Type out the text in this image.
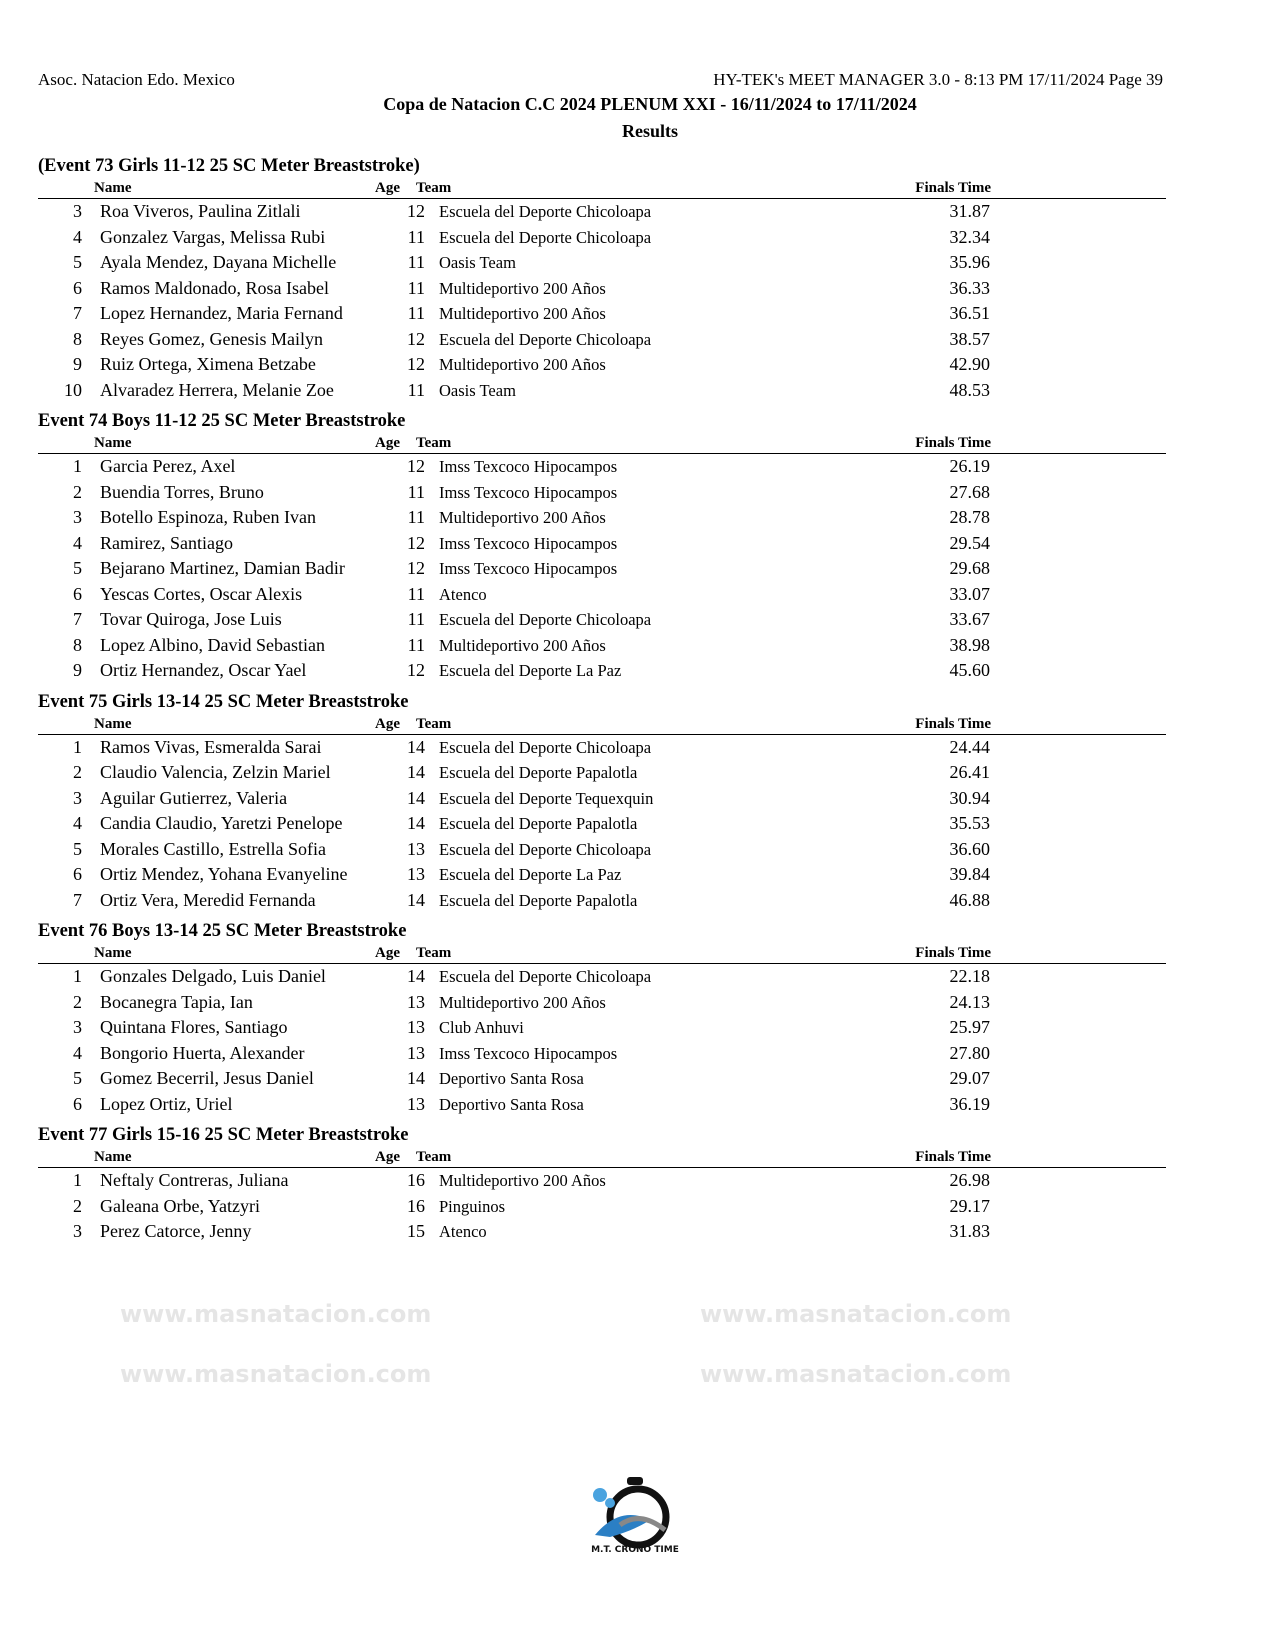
Asoc. Natacion Edo. Mexico	HY-TEK's MEET MANAGER 3.0 - 8:13 PM 17/11/2024 Page 39
Copa de Natacion C.C 2024 PLENUM XXI - 16/11/2024 to 17/11/2024
Results
(Event 73 Girls 11-12 25 SC Meter Breaststroke)
Name	Age Team	Finals Time
3 Roa Viveros, Paulina Zitlali	12 Escuela del Deporte Chicoloapa	31.87
4 Gonzalez Vargas, Melissa Rubi	11 Escuela del Deporte Chicoloapa	32.34
5 Ayala Mendez, Dayana Michelle	11 Oasis Team	35.96
6 Ramos Maldonado, Rosa Isabel	11 Multideportivo 200 Años	36.33
7 Lopez Hernandez, Maria Fernand	11 Multideportivo 200 Años	36.51
8 Reyes Gomez, Genesis Mailyn	12 Escuela del Deporte Chicoloapa	38.57
9 Ruiz Ortega, Ximena Betzabe	12 Multideportivo 200 Años	42.90
10 Alvaradez Herrera, Melanie Zoe	11 Oasis Team	48.53
Event 74 Boys 11-12 25 SC Meter Breaststroke
Name	Age Team	Finals Time
1 Garcia Perez, Axel	12 Imss Texcoco Hipocampos	26.19
2 Buendia Torres, Bruno	11 Imss Texcoco Hipocampos	27.68
3 Botello Espinoza, Ruben Ivan	11 Multideportivo 200 Años	28.78
4 Ramirez, Santiago	12 Imss Texcoco Hipocampos	29.54
5 Bejarano Martinez, Damian Badir	12 Imss Texcoco Hipocampos	29.68
6 Yescas Cortes, Oscar Alexis	11 Atenco	33.07
7 Tovar Quiroga, Jose Luis	11 Escuela del Deporte Chicoloapa	33.67
8 Lopez Albino, David Sebastian	11 Multideportivo 200 Años	38.98
9 Ortiz Hernandez, Oscar Yael	12 Escuela del Deporte La Paz	45.60
Event 75 Girls 13-14 25 SC Meter Breaststroke
Name	Age Team	Finals Time
1 Ramos Vivas, Esmeralda Sarai	14 Escuela del Deporte Chicoloapa	24.44
2 Claudio Valencia, Zelzin Mariel	14 Escuela del Deporte Papalotla	26.41
3 Aguilar Gutierrez, Valeria	14 Escuela del Deporte Tequexquin	30.94
4 Candia Claudio, Yaretzi Penelope	14 Escuela del Deporte Papalotla	35.53
5 Morales Castillo, Estrella Sofia	13 Escuela del Deporte Chicoloapa	36.60
6 Ortiz Mendez, Yohana Evanyeline	13 Escuela del Deporte La Paz	39.84
7 Ortiz Vera, Meredid Fernanda	14 Escuela del Deporte Papalotla	46.88
Event 76 Boys 13-14 25 SC Meter Breaststroke
Name	Age Team	Finals Time
1 Gonzales Delgado, Luis Daniel	14 Escuela del Deporte Chicoloapa	22.18
2 Bocanegra Tapia, Ian	13 Multideportivo 200 Años	24.13
3 Quintana Flores, Santiago	13 Club Anhuvi	25.97
4 Bongorio Huerta, Alexander	13 Imss Texcoco Hipocampos	27.80
5 Gomez Becerril, Jesus Daniel	14 Deportivo Santa Rosa	29.07
6 Lopez Ortiz, Uriel	13 Deportivo Santa Rosa	36.19
Event 77 Girls 15-16 25 SC Meter Breaststroke
Name	Age Team	Finals Time
1 Neftaly Contreras, Juliana	16 Multideportivo 200 Años	26.98
2 Galeana Orbe, Yatzyri	16 Pinguinos	29.17
3 Perez Catorce, Jenny	15 Atenco	31.83
www.masnatacion.com	www.masnatacion.com
www.masnatacion.com	www.masnatacion.com
M.T. CRONO TIME
